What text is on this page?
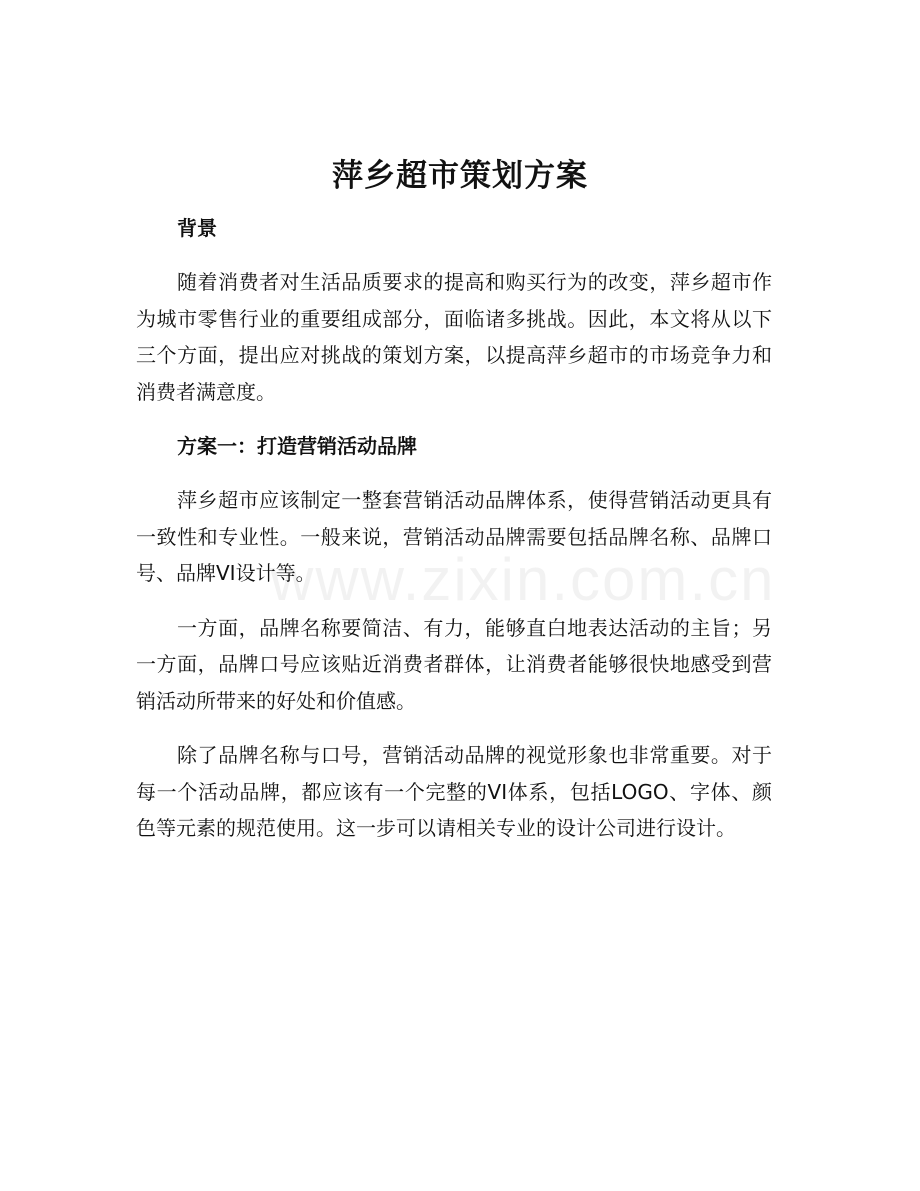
www.zixin.com.cn
萍乡超市策划方案

背景

随着消费者对生活品质要求的提高和购买行为的改变，萍乡超市作为城市零售行业的重要组成部分，面临诸多挑战。因此，本文将从以下三个方面，提出应对挑战的策划方案，以提高萍乡超市的市场竞争力和消费者满意度。

方案一：打造营销活动品牌

萍乡超市应该制定一整套营销活动品牌体系，使得营销活动更具有一致性和专业性。一般来说，营销活动品牌需要包括品牌名称、品牌口号、品牌VI设计等。

一方面，品牌名称要简洁、有力，能够直白地表达活动的主旨；另一方面，品牌口号应该贴近消费者群体，让消费者能够很快地感受到营销活动所带来的好处和价值感。

除了品牌名称与口号，营销活动品牌的视觉形象也非常重要。对于每一个活动品牌，都应该有一个完整的VI体系，包括LOGO、字体、颜色等元素的规范使用。这一步可以请相关专业的设计公司进行设计。
